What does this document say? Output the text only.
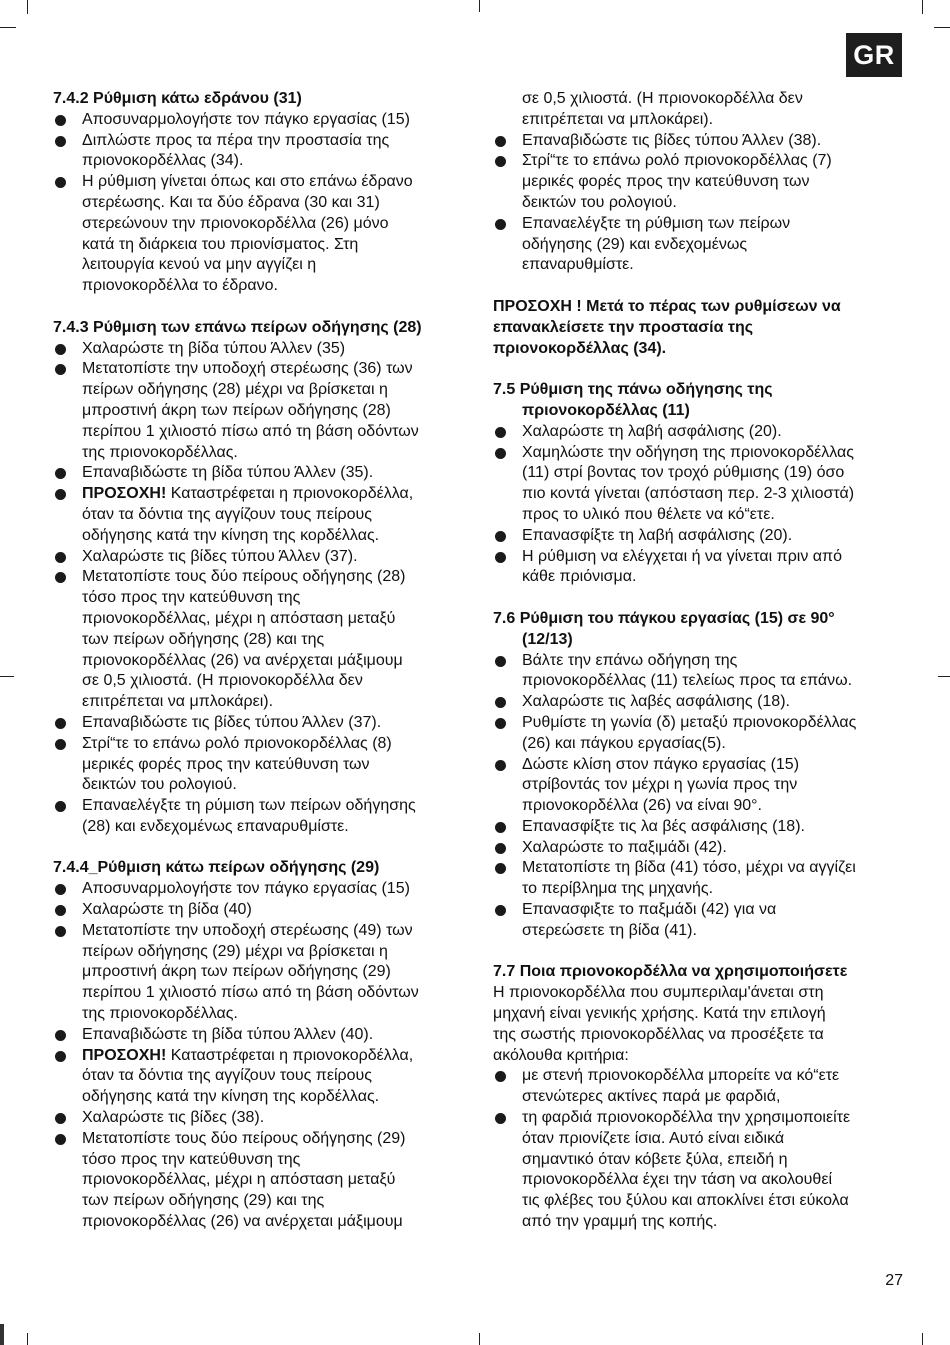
GR
7.4.2 Ρύθμιση κάτω εδράνου (31)
Αποσυναρμολογήστε τον πάγκο εργασίας (15)
Διπλώστε προς τα πέρα την προστασία της
πριονοκορδέλλας (34).
Η ρύθμιση γίνεται όπως και στο επάνω έδρανο
στερέωσης. Και τα δύο έδρανα (30 και 31)
στερεώνουν την πριονοκορδέλλα (26) μόνο
κατά τη διάρκεια του πριονίσματος. Στη
λειτουργία κενού να μην αγγίζει η
πριονοκορδέλλα το έδρανο.
7.4.3 Ρύθμιση των επάνω πείρων οδήγησης (28)
Χαλαρώστε τη βίδα τύπου Άλλεν (35)
Μετατοπίστε την υποδοχή στερέωσης (36) των
πείρων οδήγησης (28) μέχρι να βρίσκεται η
μπροστινή άκρη των πείρων οδήγησης (28)
περίπου 1 χιλιοστό πίσω από τη βάση οδόντων
της πριονοκορδέλλας.
Επαναβιδώστε τη βίδα τύπου Άλλεν (35).
ΠΡΟΣΟΧΗ! Καταστρέφεται η πριονοκορδέλλα,
όταν τα δόντια της αγγίζουν τους πείρους
οδήγησης κατά την κίνηση της κορδέλλας.
Χαλαρώστε τις βίδες τύπου Άλλεν (37).
Μετατοπίστε τους δύο πείρους οδήγησης (28)
τόσο προς την κατεύθυνση της
πριονοκορδέλλας, μέχρι η απόσταση μεταξύ
των πείρων οδήγησης (28) και της
πριονοκορδέλλας (26) να ανέρχεται μάξιμουμ
σε 0,5 χιλιοστά. (Η πριονοκορδέλλα δεν
επιτρέπεται να μπλοκάρει).
Επαναβιδώστε τις βίδες τύπου Άλλεν (37).
Στρί“τε το επάνω ρολό πριονοκορδέλλας (8)
μερικές φορές προς την κατεύθυνση των
δεικτών του ρολογιού.
Επαναελέγξτε τη ρύμιση των πείρων οδήγησης
(28) και ενδεχομένως επαναρυθμίστε.
7.4.4_Ρύθμιση κάτω πείρων οδήγησης (29)
Αποσυναρμολογήστε τον πάγκο εργασίας (15)
Χαλαρώστε τη βίδα (40)
Μετατοπίστε την υποδοχή στερέωσης (49) των
πείρων οδήγησης (29) μέχρι να βρίσκεται η
μπροστινή άκρη των πείρων οδήγησης (29)
περίπου 1 χιλιοστό πίσω από τη βάση οδόντων
της πριονοκορδέλλας.
Επαναβιδώστε τη βίδα τύπου Άλλεν (40).
ΠΡΟΣΟΧΗ! Καταστρέφεται η πριονοκορδέλλα,
όταν τα δόντια της αγγίζουν τους πείρους
οδήγησης κατά την κίνηση της κορδέλλας.
Χαλαρώστε τις βίδες (38).
Μετατοπίστε τους δύο πείρους οδήγησης (29)
τόσο προς την κατεύθυνση της
πριονοκορδέλλας, μέχρι η απόσταση μεταξύ
των πείρων οδήγησης (29) και της
πριονοκορδέλλας (26) να ανέρχεται μάξιμουμ
σε 0,5 χιλιοστά. (Η πριονοκορδέλλα δεν
επιτρέπεται να μπλοκάρει).
Επαναβιδώστε τις βίδες τύπου Άλλεν (38).
Στρί“τε το επάνω ρολό πριονοκορδέλλας (7)
μερικές φορές προς την κατεύθυνση των
δεικτών του ρολογιού.
Επαναελέγξτε τη ρύθμιση των πείρων
οδήγησης (29) και ενδεχομένως
επαναρυθμίστε.
ΠΡΟΣΟΧΗ ! Μετά το πέρας των ρυθμίσεων να
επανακλείσετε την προστασία της
πριονοκορδέλλας (34).
7.5 Ρύθμιση της πάνω οδήγησης της
πριονοκορδέλλας (11)
Χαλαρώστε τη λαβή ασφάλισης (20).
Χαμηλώστε την οδήγηση της πριονοκορδέλλας
(11) στρί βοντας τον τροχό ρύθμισης (19) όσο
πιο κοντά γίνεται (απόσταση περ. 2-3 χιλιοστά)
προς το υλικό που θέλετε να κό“ετε.
Επανασφίξτε τη λαβή ασφάλισης (20).
Η ρύθμιση να ελέγχεται ή να γίνεται πριν από
κάθε πριόνισμα.
7.6 Ρύθμιση του πάγκου εργασίας (15) σε 90°
(12/13)
Βάλτε την επάνω οδήγηση της
πριονοκορδέλλας (11) τελείως προς τα επάνω.
Χαλαρώστε τις λαβές ασφάλισης (18).
Ρυθμίστε τη γωνία (δ) μεταξύ πριονοκορδέλλας
(26) και πάγκου εργασίας(5).
Δώστε κλίση στον πάγκο εργασίας (15)
στρίβοντάς τον μέχρι η γωνία προς την
πριονοκορδέλλα (26) να είναι 90°.
Επανασφίξτε τις λα βές ασφάλισης (18).
Χαλαρώστε το παξιμάδι (42).
Μετατοπίστε τη βίδα (41) τόσο, μέχρι να αγγίζει
το περίβλημα της μηχανής.
Επανασφιξτε το παξμάδι (42) για να
στερεώσετε τη βίδα (41).
7.7 Ποια πριονοκορδέλλα να χρησιμοποιήσετε
Η πριονοκορδέλλα που συμπεριλαμ'άνεται στη
μηχανή είναι γενικής χρήσης. Κατά την επιλογή
της σωστής πριονοκορδέλλας να προσέξετε τα
ακόλουθα κριτήρια:
με στενή πριονοκορδέλλα μπορείτε να κό“ετε
στενώτερες ακτίνες παρά με φαρδιά,
τη φαρδιά πριονοκορδέλλα την χρησιμοποιείτε
όταν πριονίζετε ίσια. Αυτό είναι ειδικά
σημαντικό όταν κόβετε ξύλα, επειδή η
πριονοκορδέλλα έχει την τάση να ακολουθεί
τις φλέβες του ξύλου και αποκλίνει έτσι εύκολα
από την γραμμή της κοπής.
27
